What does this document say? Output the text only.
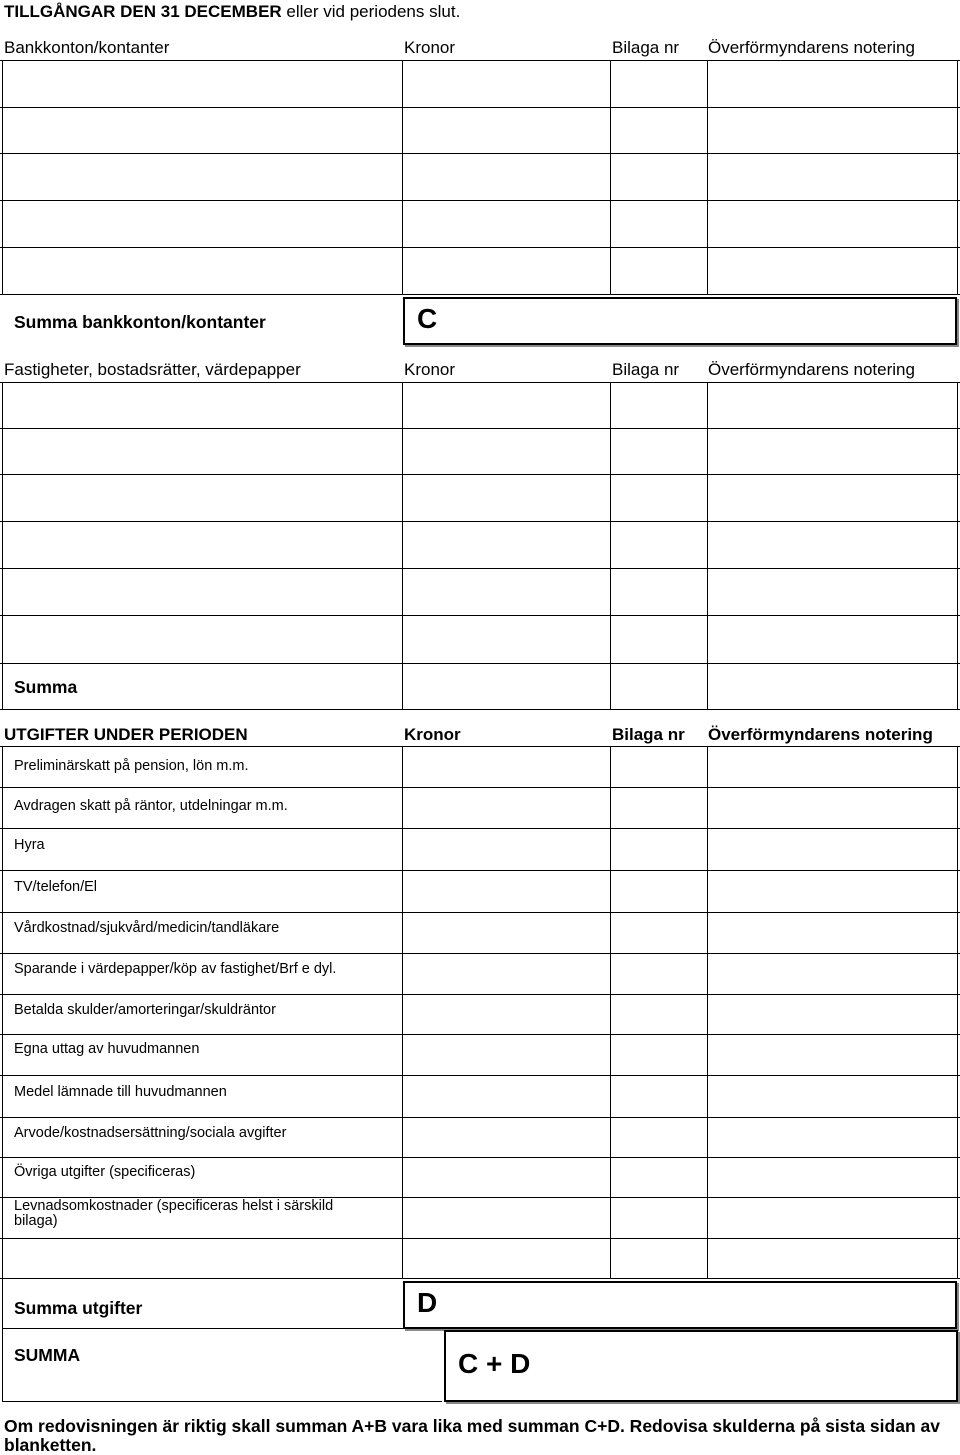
TILLGÅNGAR DEN 31 DECEMBER eller vid periodens slut.
Bankkonton/kontanter	Kronor	Bilaga nr Överförmyndarens notering
Summa bankkonton/kontanter	C
Fastigheter, bostadsrätter, värdepapper	Kronor	Bilaga nr Överförmyndarens notering
Summa
UTGIFTER UNDER PERIODEN	Kronor	Bilaga nr Överförmyndarens notering
Preliminärskatt på pension, lön m.m.
Avdragen skatt på räntor, utdelningar m.m.
Hyra
TV/telefon/El
Vårdkostnad/sjukvård/medicin/tandläkare
Sparande i värdepapper/köp av fastighet/Brf e dyl.
Betalda skulder/amorteringar/skuldräntor
Egna uttag av huvudmannen
Medel lämnade till huvudmannen
Arvode/kostnadsersättning/sociala avgifter
Övriga utgifter (specificeras)
Levnadsomkostnader (specificeras helst i särskild bilaga)
Summa utgifter	D
SUMMA	C + D
Om redovisningen är riktig skall summan A+B vara lika med summan C+D. Redovisa skulderna på sista sidan av blanketten.
